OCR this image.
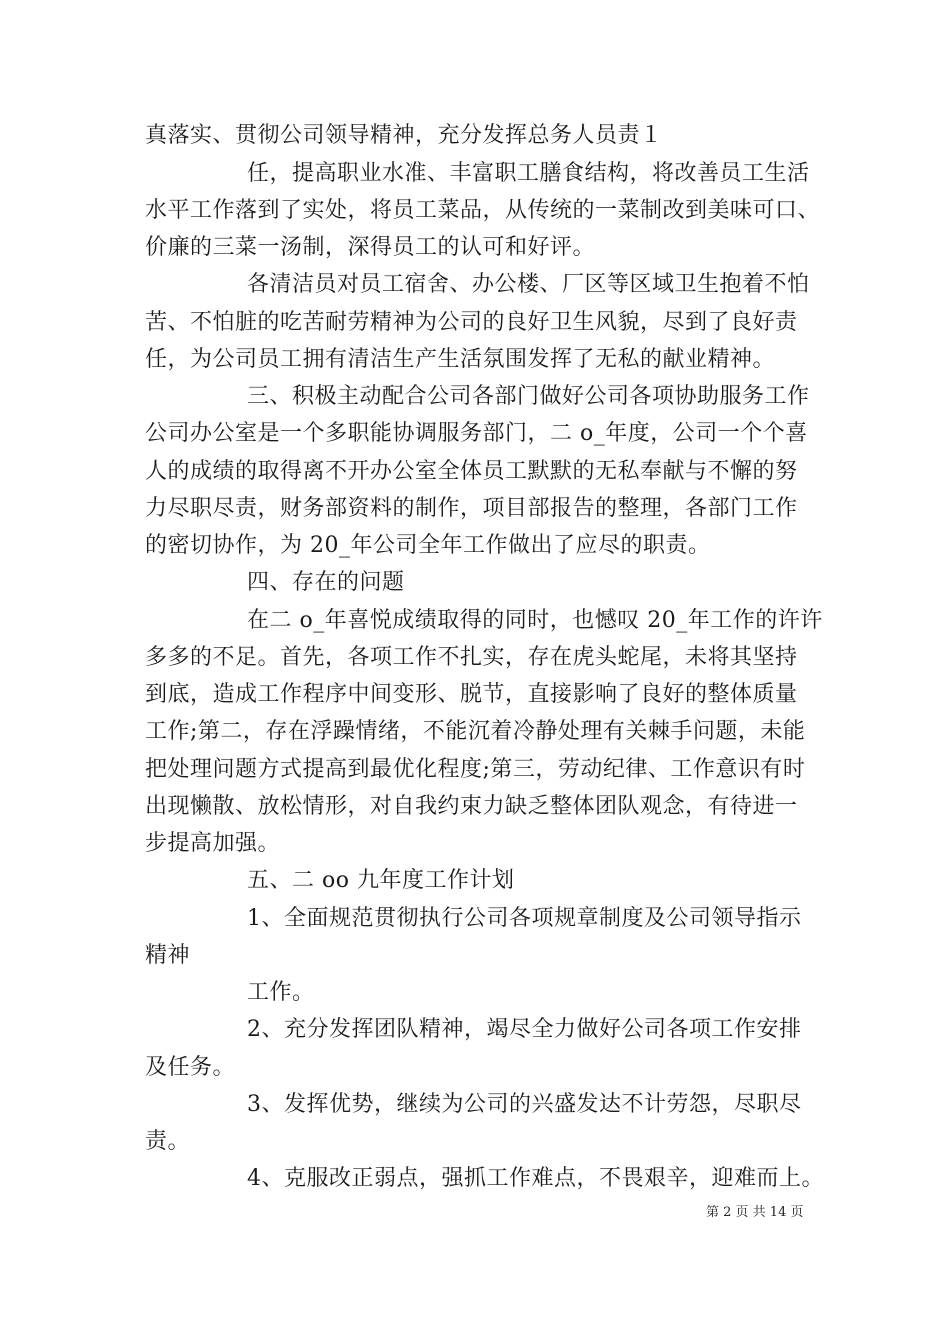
真落实、贯彻公司领导精神，充分发挥总务人员责１
任，提高职业水准、丰富职工膳食结构，将改善员工生活
水平工作落到了实处，将员工菜品，从传统的一菜制改到美味可口、
价廉的三菜一汤制，深得员工的认可和好评。
各清洁员对员工宿舍、办公楼、厂区等区域卫生抱着不怕
苦、不怕脏的吃苦耐劳精神为公司的良好卫生风貌，尽到了良好责
任，为公司员工拥有清洁生产生活氛围发挥了无私的献业精神。
三、积极主动配合公司各部门做好公司各项协助服务工作
公司办公室是一个多职能协调服务部门，二 o_年度，公司一个个喜
人的成绩的取得离不开办公室全体员工默默的无私奉献与不懈的努
力尽职尽责，财务部资料的制作，项目部报告的整理，各部门工作
的密切协作，为 20_年公司全年工作做出了应尽的职责。
四、存在的问题
在二 o_年喜悦成绩取得的同时，也憾叹 20_年工作的许许
多多的不足。首先，各项工作不扎实，存在虎头蛇尾，未将其坚持
到底，造成工作程序中间变形、脱节，直接影响了良好的整体质量
工作;第二，存在浮躁情绪，不能沉着冷静处理有关棘手问题，未能
把处理问题方式提高到最优化程度;第三，劳动纪律、工作意识有时
出现懒散、放松情形，对自我约束力缺乏整体团队观念，有待进一
步提高加强。
五、二 oo 九年度工作计划
1、全面规范贯彻执行公司各项规章制度及公司领导指示
精神
工作。
2、充分发挥团队精神，竭尽全力做好公司各项工作安排
及任务。
3、发挥优势，继续为公司的兴盛发达不计劳怨，尽职尽
责。
4、克服改正弱点，强抓工作难点，不畏艰辛，迎难而上。
第 2 页 共 14 页
